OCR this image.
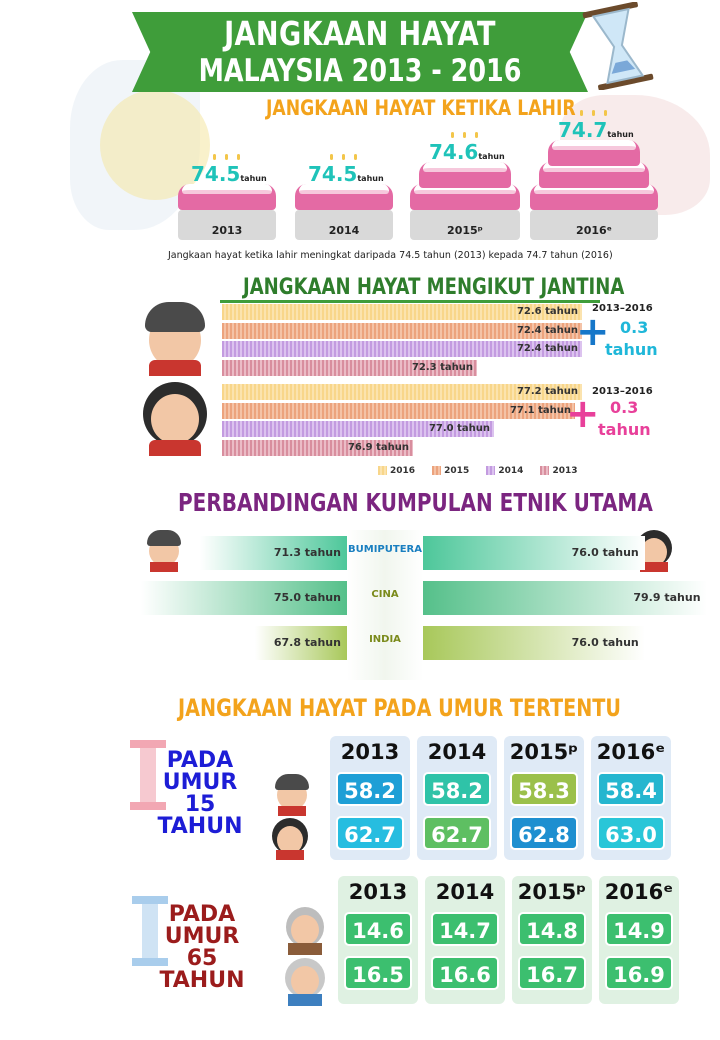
JANGKAAN HAYAT
MALAYSIA 2013 - 2016
JANGKAAN HAYAT KETIKA LAHIR
2013
74.5tahun
2014
74.5tahun
2015ᵖ
74.6tahun
2016ᵉ
74.7tahun
Jangkaan hayat ketika lahir meningkat daripada 74.5 tahun (2013) kepada 74.7 tahun (2016)
JANGKAAN HAYAT MENGIKUT JANTINA
72.6 tahun
72.4 tahun
72.4 tahun
72.3 tahun
77.2 tahun
77.1 tahun
77.0 tahun
76.9 tahun
2013–2016
+ 0.3
tahun
2013–2016
+ 0.3
tahun
2016	2015	2014	2013
PERBANDINGAN KUMPULAN ETNIK UTAMA
71.3 tahun	76.0 tahun
BUMIPUTERA
75.0 tahun	79.9 tahun
CINA
67.8 tahun	76.0 tahun
INDIA
JANGKAAN HAYAT PADA UMUR TERTENTU
PADA
UMUR
15
TAHUN
PADA
UMUR
65
TAHUN
2013
58.2
62.7
2014
58.2
62.7
2015ᵖ
58.3
62.8
2016ᵉ
58.4
63.0
2013
14.6
16.5
2014
14.7
16.6
2015ᵖ
14.8
16.7
2016ᵉ
14.9
16.9
